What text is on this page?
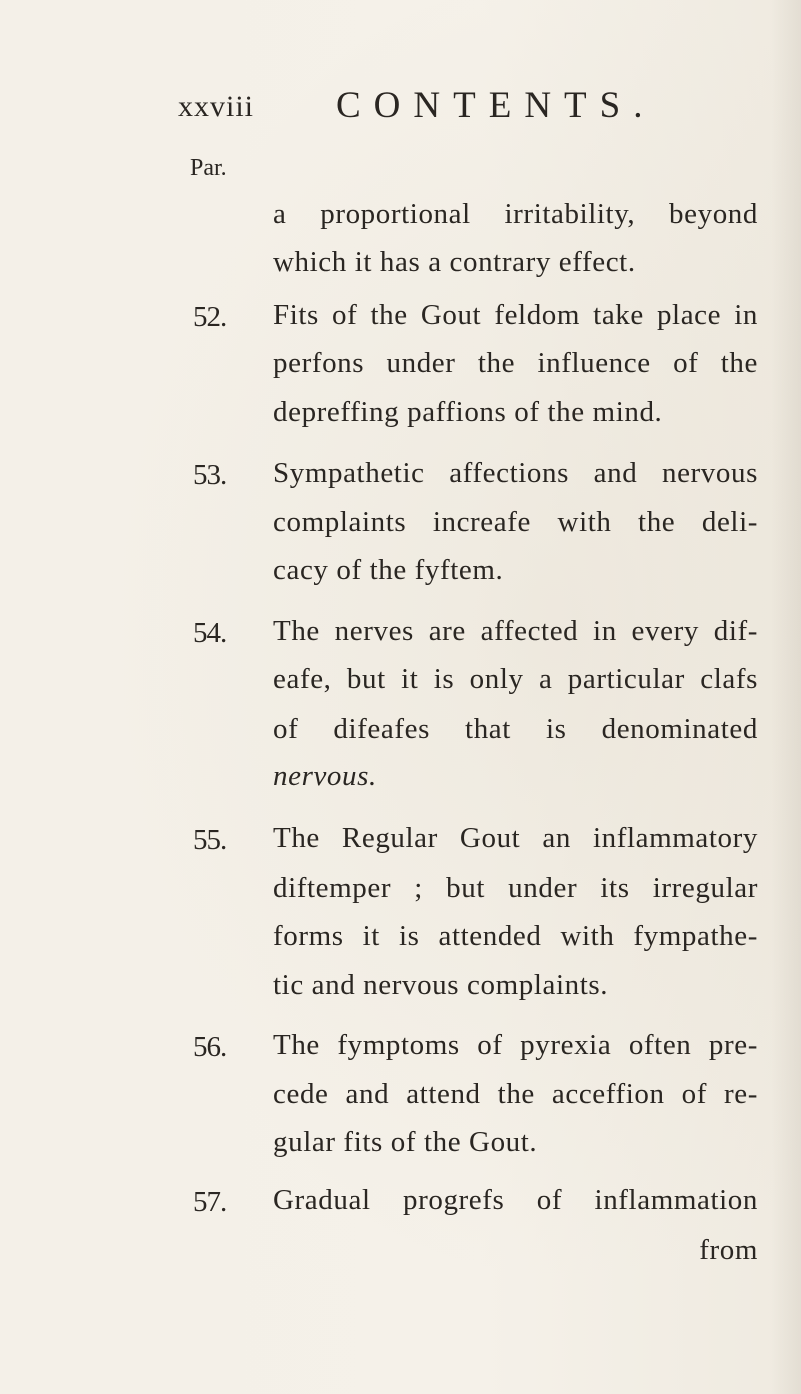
xxviii CONTENTS.
Par.
a proportional irritability, beyond
which it has a contrary effect.
52. Fits of the Gout feldom take place in
perfons under the influence of the
depreffing paffions of the mind.
53. Sympathetic affections and nervous
complaints increafe with the deli-
cacy of the fyftem.
54. The nerves are affected in every dif-
eafe, but it is only a particular clafs
of difeafes that is denominated
nervous.
55. The Regular Gout an inflammatory
diftemper ; but under its irregular
forms it is attended with fympathe-
tic and nervous complaints.
56. The fymptoms of pyrexia often pre-
cede and attend the acceffion of re-
gular fits of the Gout.
57. Gradual progrefs of inflammation
from
